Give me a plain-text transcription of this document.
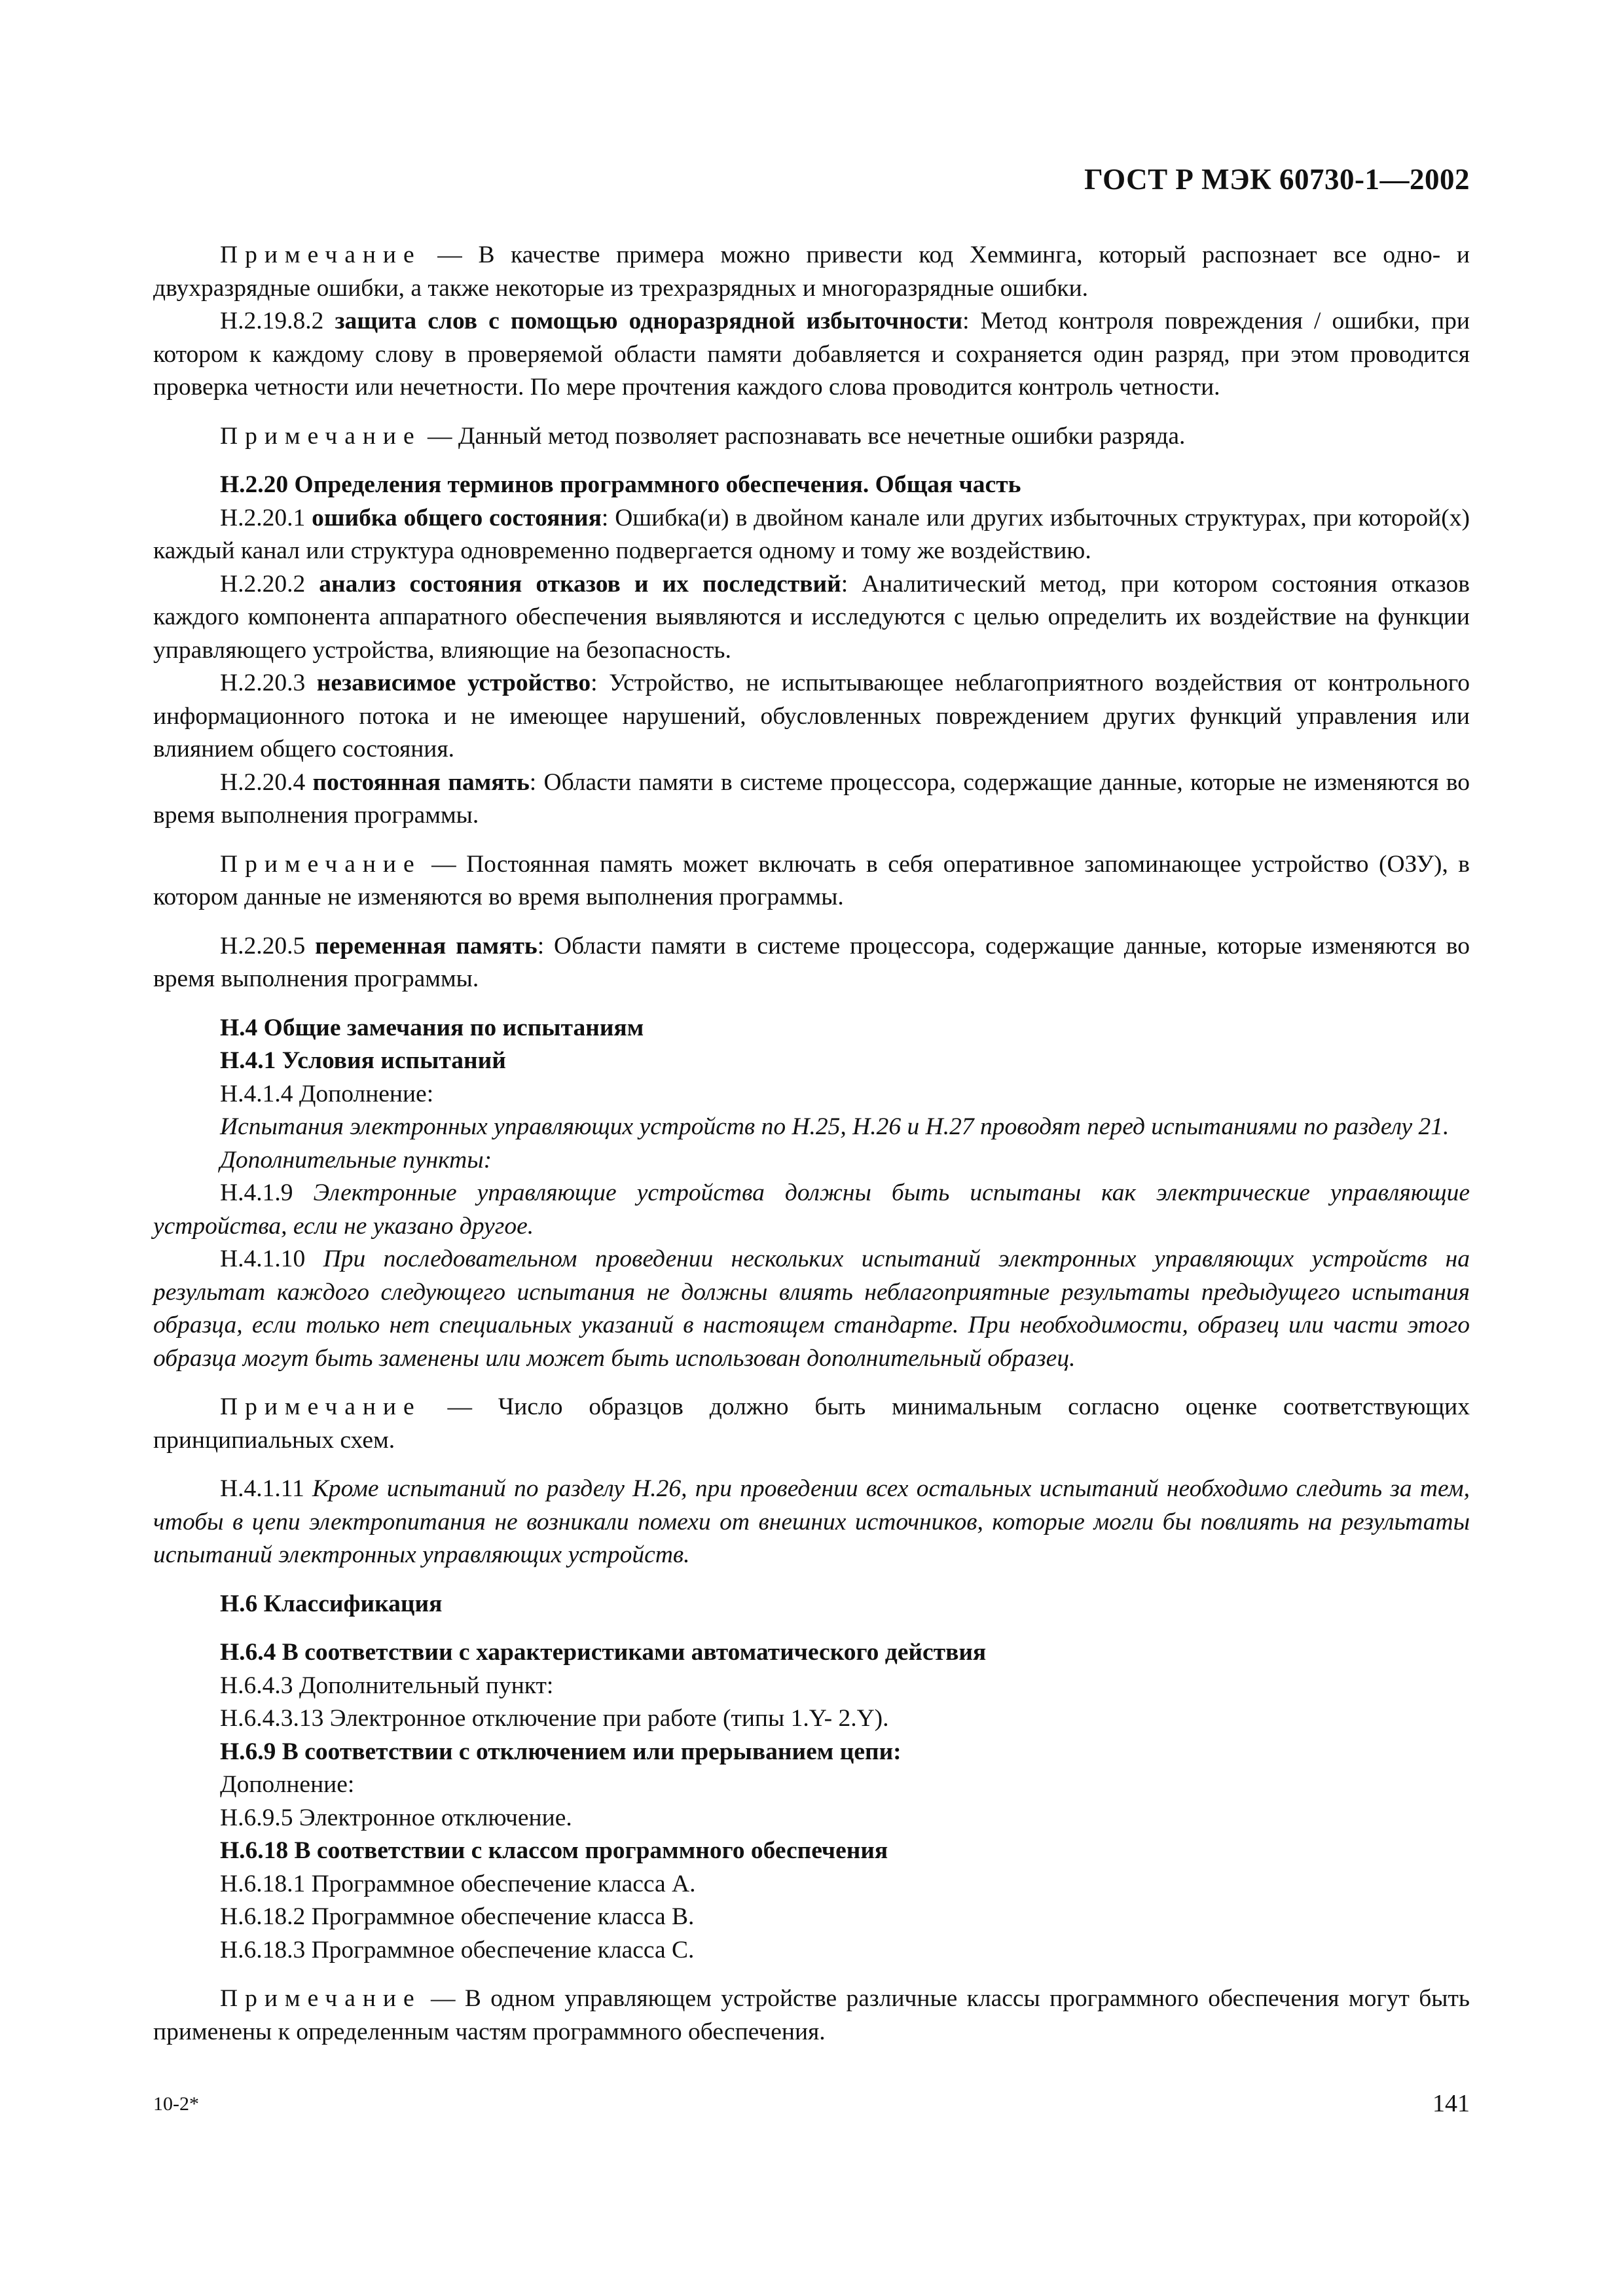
ГОСТ Р МЭК 60730-1—2002

Примечание — В качестве примера можно привести код Хемминга, который распознает все одно- и двухразрядные ошибки, а также некоторые из трехразрядных и многоразрядные ошибки.

Н.2.19.8.2 защита слов с помощью одноразрядной избыточности: Метод контроля повреждения / ошибки, при котором к каждому слову в проверяемой области памяти добавляется и сохраняется один разряд, при этом проводится проверка четности или нечетности. По мере прочтения каждого слова проводится контроль четности.

Примечание — Данный метод позволяет распознавать все нечетные ошибки разряда.

Н.2.20 Определения терминов программного обеспечения. Общая часть

Н.2.20.1 ошибка общего состояния: Ошибка(и) в двойном канале или других избыточных структурах, при которой(х) каждый канал или структура одновременно подвергается одному и тому же воздействию.

Н.2.20.2 анализ состояния отказов и их последствий: Аналитический метод, при котором состояния отказов каждого компонента аппаратного обеспечения выявляются и исследуются с целью определить их воздействие на функции управляющего устройства, влияющие на безопасность.

Н.2.20.3 независимое устройство: Устройство, не испытывающее неблагоприятного воздействия от контрольного информационного потока и не имеющее нарушений, обусловленных повреждением других функций управления или влиянием общего состояния.

Н.2.20.4 постоянная память: Области памяти в системе процессора, содержащие данные, которые не изменяются во время выполнения программы.

Примечание — Постоянная память может включать в себя оперативное запоминающее устройство (ОЗУ), в котором данные не изменяются во время выполнения программы.

Н.2.20.5 переменная память: Области памяти в системе процессора, содержащие данные, которые изменяются во время выполнения программы.

Н.4 Общие замечания по испытаниям

Н.4.1 Условия испытаний

Н.4.1.4 Дополнение:

Испытания электронных управляющих устройств по Н.25, Н.26 и Н.27 проводят перед испытаниями по разделу 21.

Дополнительные пункты:

Н.4.1.9 Электронные управляющие устройства должны быть испытаны как электрические управляющие устройства, если не указано другое.

Н.4.1.10 При последовательном проведении нескольких испытаний электронных управляющих устройств на результат каждого следующего испытания не должны влиять неблагоприятные результаты предыдущего испытания образца, если только нет специальных указаний в настоящем стандарте. При необходимости, образец или части этого образца могут быть заменены или может быть использован дополнительный образец.

Примечание — Число образцов должно быть минимальным согласно оценке соответствующих принципиальных схем.

Н.4.1.11 Кроме испытаний по разделу Н.26, при проведении всех остальных испытаний необходимо следить за тем, чтобы в цепи электропитания не возникали помехи от внешних источников, которые могли бы повлиять на результаты испытаний электронных управляющих устройств.

Н.6 Классификация

Н.6.4 В соответствии с характеристиками автоматического действия

Н.6.4.3 Дополнительный пункт:

Н.6.4.3.13 Электронное отключение при работе (типы 1.Y- 2.Y).

Н.6.9 В соответствии с отключением или прерыванием цепи:

Дополнение:

Н.6.9.5 Электронное отключение.

Н.6.18 В соответствии с классом программного обеспечения

Н.6.18.1 Программное обеспечение класса А.

Н.6.18.2 Программное обеспечение класса В.

Н.6.18.3 Программное обеспечение класса С.

Примечание — В одном управляющем устройстве различные классы программного обеспечения могут быть применены к определенным частям программного обеспечения.

10-2*	141
